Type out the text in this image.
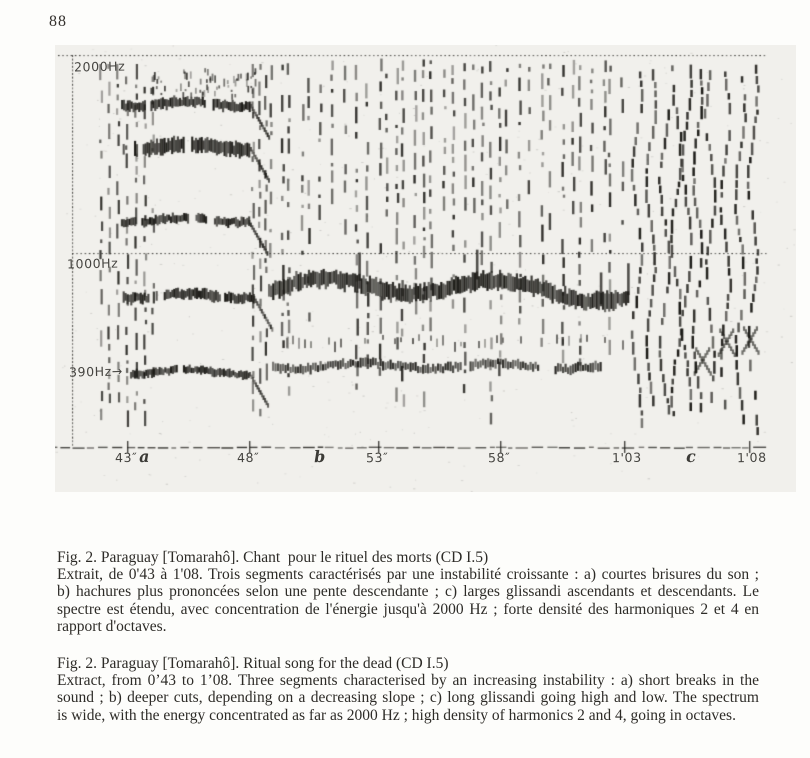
88
2000Hz
1000Hz
390Hz→
43″	48″	53″	58″	1'03	1'08
a	b	c
Fig. 2. Paraguay [Tomarahô]. Chant  pour le rituel des morts (CD I.5)
Extrait, de 0'43 à 1'08. Trois segments caractérisés par une instabilité croissante : a) courtes brisures du son ;
b) hachures plus prononcées selon une pente descendante ; c) larges glissandi ascendants et descendants. Le
spectre est étendu, avec concentration de l'énergie jusqu'à 2000 Hz ; forte densité des harmoniques 2 et 4 en
rapport d'octaves.
Fig. 2. Paraguay [Tomarahô]. Ritual song for the dead (CD I.5)
Extract, from 0’43 to 1’08. Three segments characterised by an increasing instability : a) short breaks in the
sound ; b) deeper cuts, depending on a decreasing slope ; c) long glissandi going high and low. The spectrum
is wide, with the energy concentrated as far as 2000 Hz ; high density of harmonics 2 and 4, going in octaves.
